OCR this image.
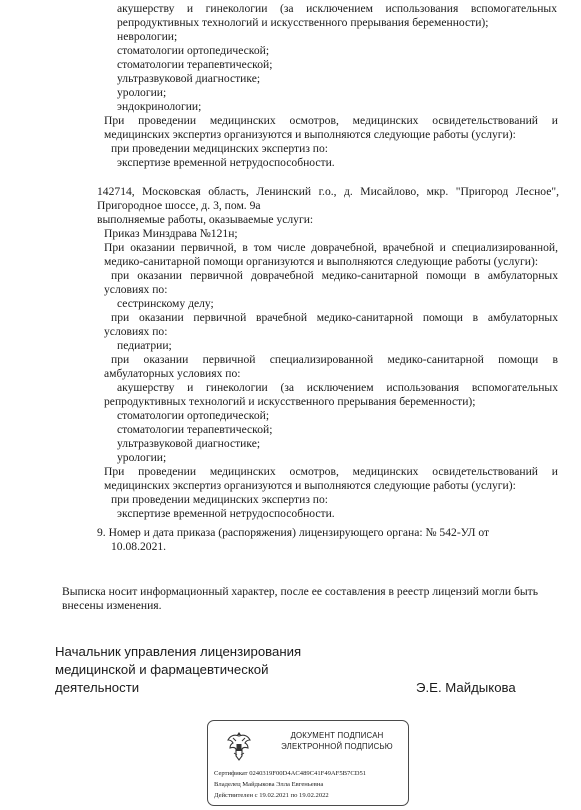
акушерству и гинекологии (за исключением использования вспомогательных
репродуктивных технологий и искусственного прерывания беременности);
неврологии;
стоматологии ортопедической;
стоматологии терапевтической;
ультразвуковой диагностике;
урологии;
эндокринологии;
При проведении медицинских осмотров, медицинских освидетельствований и
медицинских экспертиз организуются и выполняются следующие работы (услуги):
при проведении медицинских экспертиз по:
экспертизе временной нетрудоспособности.
142714, Московская область, Ленинский г.о., д. Мисайлово, мкр. "Пригород Лесное",
Пригородное шоссе, д. 3, пом. 9а
выполняемые работы, оказываемые услуги:
Приказ Минздрава №121н;
При оказании первичной, в том числе доврачебной, врачебной и специализированной,
медико-санитарной помощи организуются и выполняются следующие работы (услуги):
при оказании первичной доврачебной медико-санитарной помощи в амбулаторных
условиях по:
сестринскому делу;
при оказании первичной врачебной медико-санитарной помощи в амбулаторных
условиях по:
педиатрии;
при оказании первичной специализированной медико-санитарной помощи в
амбулаторных условиях по:
акушерству и гинекологии (за исключением использования вспомогательных
репродуктивных технологий и искусственного прерывания беременности);
стоматологии ортопедической;
стоматологии терапевтической;
ультразвуковой диагностике;
урологии;
При проведении медицинских осмотров, медицинских освидетельствований и
медицинских экспертиз организуются и выполняются следующие работы (услуги):
при проведении медицинских экспертиз по:
экспертизе временной нетрудоспособности.
9. Номер и дата приказа (распоряжения) лицензирующего органа: № 542-УЛ от
10.08.2021.
Выписка носит информационный характер, после ее составления в реестр лицензий могли быть
внесены изменения.
Начальник управления лицензирования
медицинской и фармацевтической
деятельности	Э.Е. Майдыкова
ДОКУМЕНТ ПОДПИСАН
ЭЛЕКТРОННОЙ ПОДПИСЬЮ
Сертификат 0240319F00D4AC489C41F49AF5B7CD51
Владелец Майдыкова Элла Евгеньевна
Действителен с 19.02.2021 по 19.02.2022
